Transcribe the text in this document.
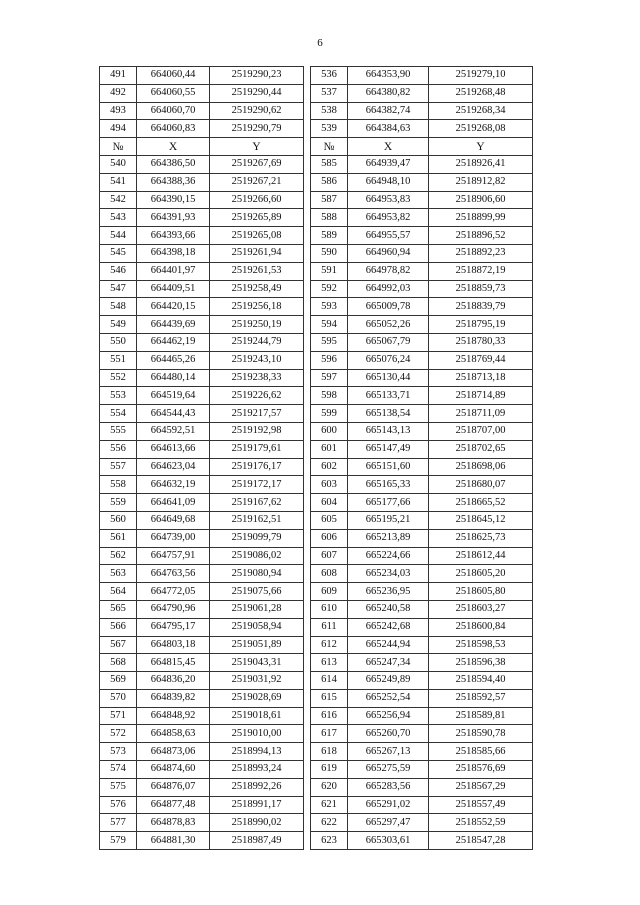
6
491	664060,44	2519290,23		536	664353,90	2519279,10
492	664060,55	2519290,44		537	664380,82	2519268,48
493	664060,70	2519290,62		538	664382,74	2519268,34
494	664060,83	2519290,79		539	664384,63	2519268,08
№	X	Y		№	X	Y
540	664386,50	2519267,69		585	664939,47	2518926,41
541	664388,36	2519267,21		586	664948,10	2518912,82
542	664390,15	2519266,60		587	664953,83	2518906,60
543	664391,93	2519265,89		588	664953,82	2518899,99
544	664393,66	2519265,08		589	664955,57	2518896,52
545	664398,18	2519261,94		590	664960,94	2518892,23
546	664401,97	2519261,53		591	664978,82	2518872,19
547	664409,51	2519258,49		592	664992,03	2518859,73
548	664420,15	2519256,18		593	665009,78	2518839,79
549	664439,69	2519250,19		594	665052,26	2518795,19
550	664462,19	2519244,79		595	665067,79	2518780,33
551	664465,26	2519243,10		596	665076,24	2518769,44
552	664480,14	2519238,33		597	665130,44	2518713,18
553	664519,64	2519226,62		598	665133,71	2518714,89
554	664544,43	2519217,57		599	665138,54	2518711,09
555	664592,51	2519192,98		600	665143,13	2518707,00
556	664613,66	2519179,61		601	665147,49	2518702,65
557	664623,04	2519176,17		602	665151,60	2518698,06
558	664632,19	2519172,17		603	665165,33	2518680,07
559	664641,09	2519167,62		604	665177,66	2518665,52
560	664649,68	2519162,51		605	665195,21	2518645,12
561	664739,00	2519099,79		606	665213,89	2518625,73
562	664757,91	2519086,02		607	665224,66	2518612,44
563	664763,56	2519080,94		608	665234,03	2518605,20
564	664772,05	2519075,66		609	665236,95	2518605,80
565	664790,96	2519061,28		610	665240,58	2518603,27
566	664795,17	2519058,94		611	665242,68	2518600,84
567	664803,18	2519051,89		612	665244,94	2518598,53
568	664815,45	2519043,31		613	665247,34	2518596,38
569	664836,20	2519031,92		614	665249,89	2518594,40
570	664839,82	2519028,69		615	665252,54	2518592,57
571	664848,92	2519018,61		616	665256,94	2518589,81
572	664858,63	2519010,00		617	665260,70	2518590,78
573	664873,06	2518994,13		618	665267,13	2518585,66
574	664874,60	2518993,24		619	665275,59	2518576,69
575	664876,07	2518992,26		620	665283,56	2518567,29
576	664877,48	2518991,17		621	665291,02	2518557,49
577	664878,83	2518990,02		622	665297,47	2518552,59
579	664881,30	2518987,49		623	665303,61	2518547,28
